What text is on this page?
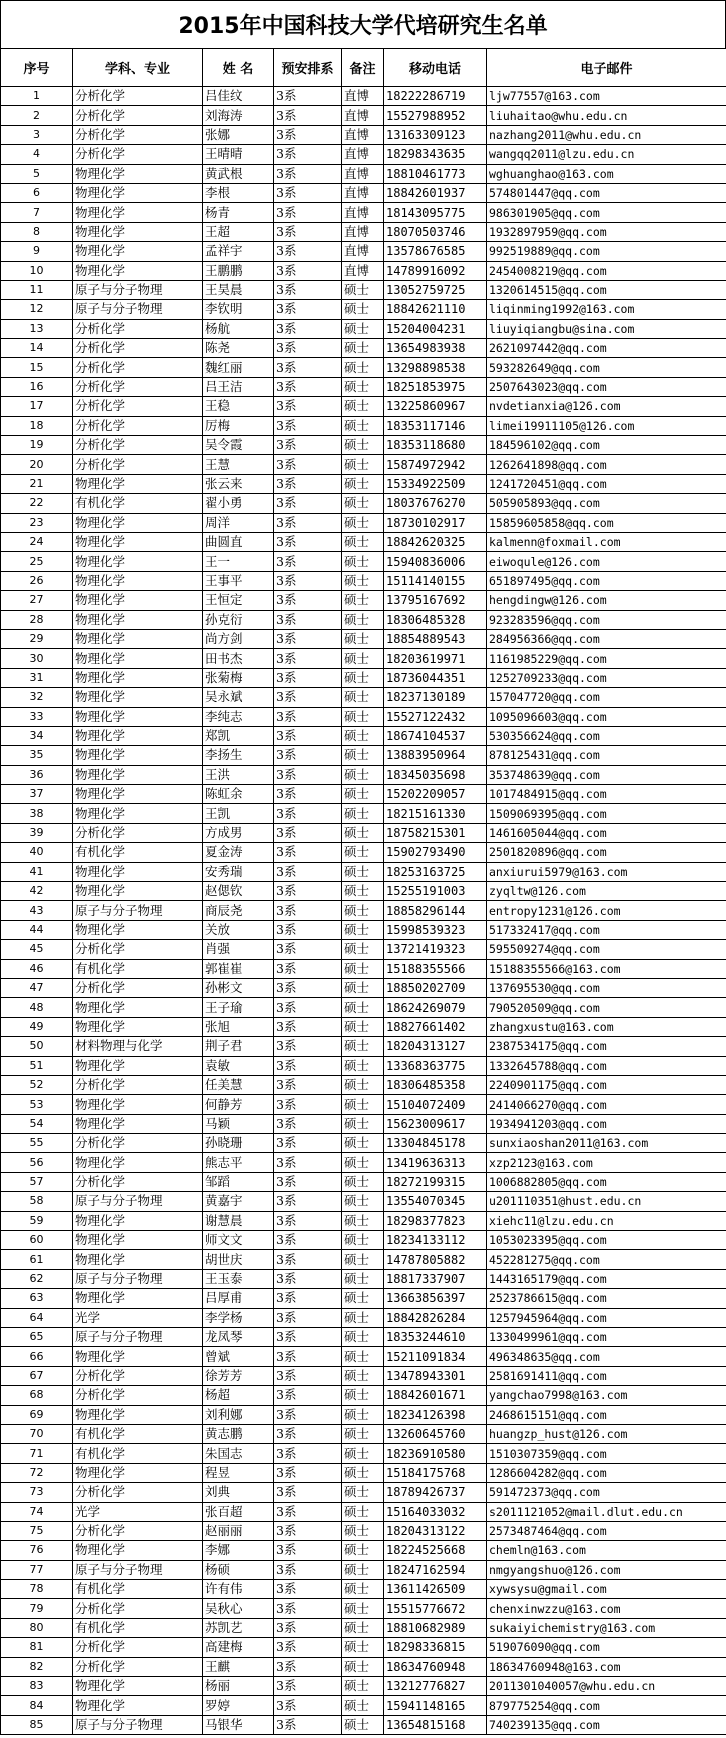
2015年中国科技大学代培研究生名单
序号	学科、专业	姓 名	预安排系	备注	移动电话	电子邮件
1	分析化学	吕佳纹	3系	直博	18222286719	ljw77557@163.com
2	分析化学	刘海涛	3系	直博	15527988952	liuhaitao@whu.edu.cn
3	分析化学	张娜	3系	直博	13163309123	nazhang2011@whu.edu.cn
4	分析化学	王晴晴	3系	直博	18298343635	wangqq2011@lzu.edu.cn
5	物理化学	黄武根	3系	直博	18810461773	wghuanghao@163.com
6	物理化学	李根	3系	直博	18842601937	574801447@qq.com
7	物理化学	杨青	3系	直博	18143095775	986301905@qq.com
8	物理化学	王超	3系	直博	18070503746	1932897959@qq.com
9	物理化学	孟祥宇	3系	直博	13578676585	992519889@qq.com
10	物理化学	王鹏鹏	3系	直博	14789916092	2454008219@qq.com
11	原子与分子物理	王昊晨	3系	硕士	13052759725	1320614515@qq.com
12	原子与分子物理	李钦明	3系	硕士	18842621110	liqinming1992@163.com
13	分析化学	杨航	3系	硕士	15204004231	liuyiqiangbu@sina.com
14	分析化学	陈尧	3系	硕士	13654983938	2621097442@qq.com
15	分析化学	魏红丽	3系	硕士	13298898538	593282649@qq.com
16	分析化学	吕王洁	3系	硕士	18251853975	2507643023@qq.com
17	分析化学	王稳	3系	硕士	13225860967	nvdetianxia@126.com
18	分析化学	厉梅	3系	硕士	18353117146	limei19911105@126.com
19	分析化学	吴令霞	3系	硕士	18353118680	184596102@qq.com
20	分析化学	王慧	3系	硕士	15874972942	1262641898@qq.com
21	物理化学	张云来	3系	硕士	15334922509	1241720451@qq.com
22	有机化学	翟小勇	3系	硕士	18037676270	505905893@qq.com
23	物理化学	周洋	3系	硕士	18730102917	15859605858@qq.com
24	物理化学	曲圆直	3系	硕士	18842620325	kalmenn@foxmail.com
25	物理化学	王一	3系	硕士	15940836006	eiwoqule@126.com
26	物理化学	王事平	3系	硕士	15114140155	651897495@qq.com
27	物理化学	王恒定	3系	硕士	13795167692	hengdingw@126.com
28	物理化学	孙克衍	3系	硕士	18306485328	923283596@qq.com
29	物理化学	尚方剑	3系	硕士	18854889543	284956366@qq.com
30	物理化学	田书杰	3系	硕士	18203619971	1161985229@qq.com
31	物理化学	张菊梅	3系	硕士	18736044351	1252709233@qq.com
32	物理化学	吴永斌	3系	硕士	18237130189	157047720@qq.com
33	物理化学	李纯志	3系	硕士	15527122432	1095096603@qq.com
34	物理化学	郑凯	3系	硕士	18674104537	530356624@qq.com
35	物理化学	李扬生	3系	硕士	13883950964	878125431@qq.com
36	物理化学	王洪	3系	硕士	18345035698	353748639@qq.com
37	物理化学	陈虹余	3系	硕士	15202209057	1017484915@qq.com
38	物理化学	王凯	3系	硕士	18215161330	1509069395@qq.com
39	分析化学	方成男	3系	硕士	18758215301	1461605044@qq.com
40	有机化学	夏金涛	3系	硕士	15902793490	2501820896@qq.com
41	物理化学	安秀瑞	3系	硕士	18253163725	anxiurui5979@163.com
42	物理化学	赵偲钦	3系	硕士	15255191003	zyqltw@126.com
43	原子与分子物理	商辰尧	3系	硕士	18858296144	entropy1231@126.com
44	物理化学	关放	3系	硕士	15998539323	517332417@qq.com
45	分析化学	肖强	3系	硕士	13721419323	595509274@qq.com
46	有机化学	郭崔崔	3系	硕士	15188355566	15188355566@163.com
47	分析化学	孙彬文	3系	硕士	18850202709	137695530@qq.com
48	物理化学	王子瑜	3系	硕士	18624269079	790520509@qq.com
49	物理化学	张旭	3系	硕士	18827661402	zhangxustu@163.com
50	材料物理与化学	荆子君	3系	硕士	18204313127	2387534175@qq.com
51	物理化学	袁敏	3系	硕士	13368363775	1332645788@qq.com
52	分析化学	任美慧	3系	硕士	18306485358	2240901175@qq.com
53	物理化学	何静芳	3系	硕士	15104072409	2414066270@qq.com
54	物理化学	马颖	3系	硕士	15623009617	1934941203@qq.com
55	分析化学	孙晓珊	3系	硕士	13304845178	sunxiaoshan2011@163.com
56	物理化学	熊志平	3系	硕士	13419636313	xzp2123@163.com
57	分析化学	邹蹈	3系	硕士	18272199315	1006882805@qq.com
58	原子与分子物理	黄嘉宇	3系	硕士	13554070345	u201110351@hust.edu.cn
59	物理化学	谢慧晨	3系	硕士	18298377823	xiehc11@lzu.edu.cn
60	物理化学	师文文	3系	硕士	18234133112	1053023395@qq.com
61	物理化学	胡世庆	3系	硕士	14787805882	452281275@qq.com
62	原子与分子物理	王玉泰	3系	硕士	18817337907	1443165179@qq.com
63	物理化学	吕厚甫	3系	硕士	13663856397	2523786615@qq.com
64	光学	李学杨	3系	硕士	18842826284	1257945964@qq.com
65	原子与分子物理	龙凤琴	3系	硕士	18353244610	1330499961@qq.com
66	物理化学	曾斌	3系	硕士	15211091834	496348635@qq.com
67	分析化学	徐芳芳	3系	硕士	13478943301	2581691411@qq.com
68	分析化学	杨超	3系	硕士	18842601671	yangchao7998@163.com
69	物理化学	刘利娜	3系	硕士	18234126398	2468615151@qq.com
70	有机化学	黄志鹏	3系	硕士	13260645760	huangzp_hust@126.com
71	有机化学	朱国志	3系	硕士	18236910580	1510307359@qq.com
72	物理化学	程昱	3系	硕士	15184175768	1286604282@qq.com
73	分析化学	刘典	3系	硕士	18789426737	591472373@qq.com
74	光学	张百超	3系	硕士	15164033032	s2011121052@mail.dlut.edu.cn
75	分析化学	赵丽丽	3系	硕士	18204313122	2573487464@qq.com
76	物理化学	李娜	3系	硕士	18224525668	chemln@163.com
77	原子与分子物理	杨硕	3系	硕士	18247162594	nmgyangshuo@126.com
78	有机化学	许有伟	3系	硕士	13611426509	xywsysu@gmail.com
79	分析化学	吴秋心	3系	硕士	15515776672	chenxinwzzu@163.com
80	有机化学	苏凯艺	3系	硕士	18810682989	sukaiyichemistry@163.com
81	分析化学	高建梅	3系	硕士	18298336815	519076090@qq.com
82	分析化学	王麒	3系	硕士	18634760948	18634760948@163.com
83	物理化学	杨丽	3系	硕士	13212776827	2011301040057@whu.edu.cn
84	物理化学	罗婷	3系	硕士	15941148165	879775254@qq.com
85	原子与分子物理	马银华	3系	硕士	13654815168	740239135@qq.com
